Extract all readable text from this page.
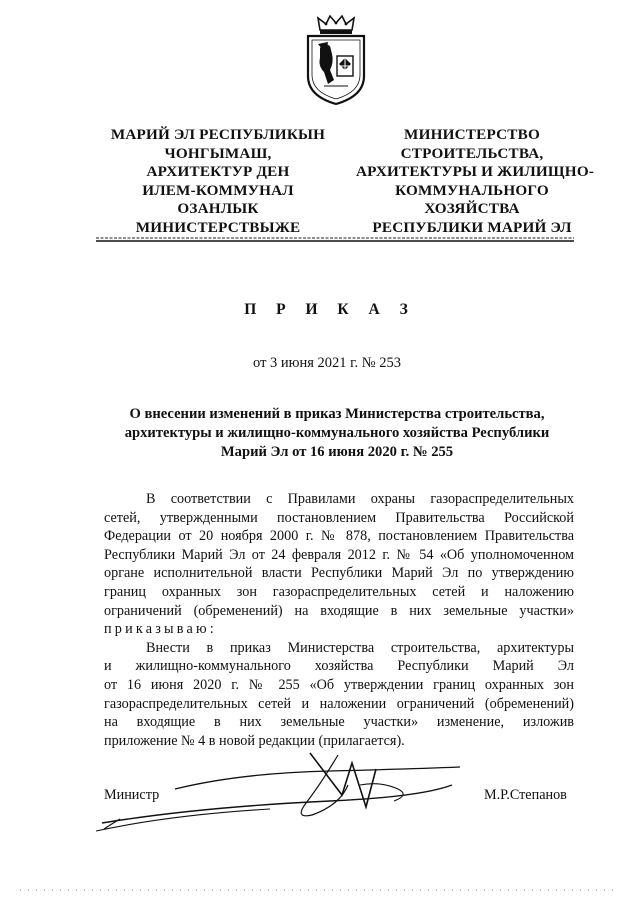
МАРИЙ ЭЛ РЕСПУБЛИКЫН
ЧОНГЫМАШ,
АРХИТЕКТУР ДЕН
ИЛЕМ-КОММУНАЛ
ОЗАНЛЫК
МИНИСТЕРСТВЫЖЕ
МИНИСТЕРСТВО
СТРОИТЕЛЬСТВА,
АРХИТЕКТУРЫ И ЖИЛИЩНО-
КОММУНАЛЬНОГО
ХОЗЯЙСТВА
РЕСПУБЛИКИ МАРИЙ ЭЛ
П Р И К А З
от 3 июня 2021 г. № 253
О внесении изменений в приказ Министерства строительства,
архитектуры и жилищно-коммунального хозяйства Республики
Марий Эл от 16 июня 2020 г. № 255
В соответствии с Правилами охраны газораспределительных
сетей, утвержденными постановлением Правительства Российской
Федерации от 20 ноября 2000 г. № 878, постановлением Правительства
Республики Марий Эл от 24 февраля 2012 г. № 54 «Об уполномоченном
органе исполнительной власти Республики Марий Эл по утверждению
границ охранных зон газораспределительных сетей и наложению
ограничений (обременений) на входящие в них земельные участки»
приказываю:
Внести в приказ Министерства строительства, архитектуры
и жилищно-коммунального хозяйства Республики Марий Эл
от 16 июня 2020 г. № 255 «Об утверждении границ охранных зон
газораспределительных сетей и наложении ограничений (обременений)
на входящие в них земельные участки» изменение, изложив
приложение № 4 в новой редакции (прилагается).
Министр	М.Р.Степанов
